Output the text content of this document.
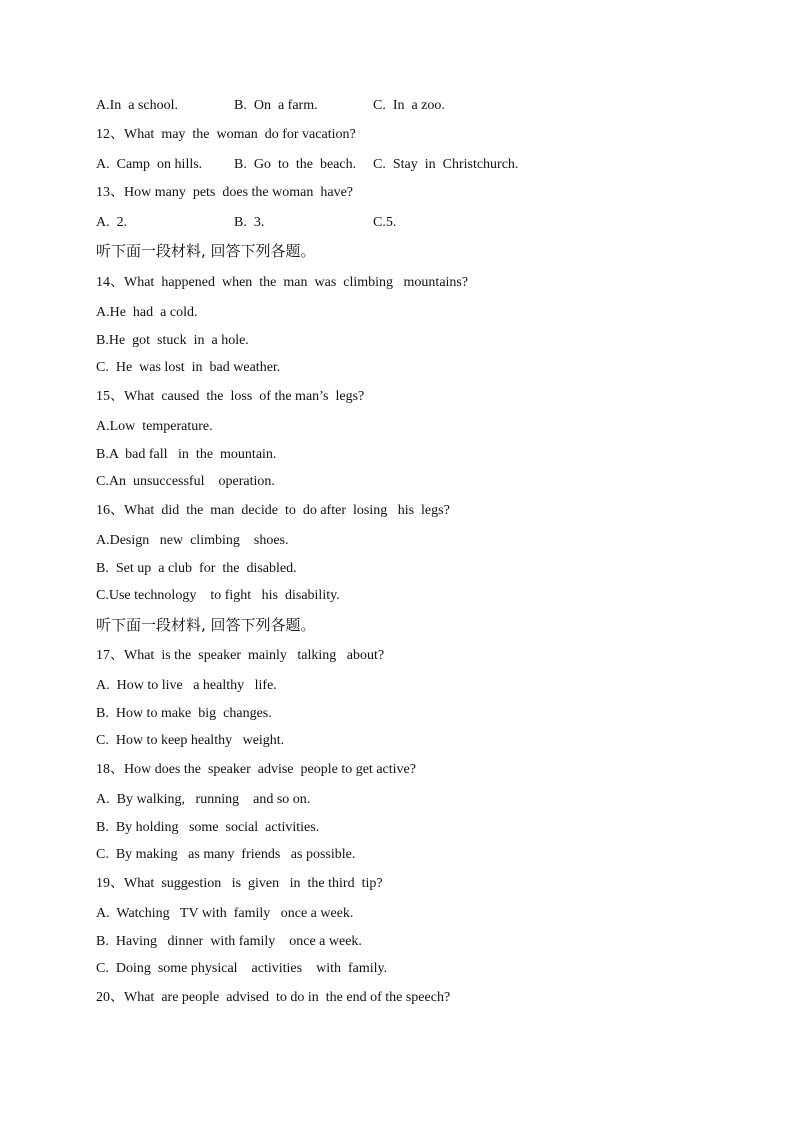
A.In  a school.	B.  On  a farm.	C.  In  a zoo.
12、What  may  the  woman  do for vacation?
A.  Camp  on hills. B.  Go  to  the  beach. C.  Stay  in  Christchurch.
13、How many  pets  does the woman  have?
A.  2.	B.  3.	C.5.
听下面一段材料, 回答下列各题。
14、What  happened  when  the  man  was  climbing   mountains?
A.He  had  a cold.
B.He  got  stuck  in  a hole.
C.  He  was lost  in  bad weather.
15、What  caused  the  loss  of the man’s  legs?
A.Low  temperature.
B.A  bad fall   in  the  mountain.
C.An  unsuccessful    operation.
16、What  did  the  man  decide  to  do after  losing   his  legs?
A.Design   new  climbing    shoes.
B.  Set up  a club  for  the  disabled.
C.Use technology    to fight   his  disability.
听下面一段材料, 回答下列各题。
17、What  is the  speaker  mainly   talking   about?
A.  How to live   a healthy   life.
B.  How to make  big  changes.
C.  How to keep healthy   weight.
18、How does the  speaker  advise  people to get active?
A.  By walking,   running    and so on.
B.  By holding   some  social  activities.
C.  By making   as many  friends   as possible.
19、What  suggestion   is  given   in  the third  tip?
A.  Watching   TV with  family   once a week.
B.  Having   dinner  with family    once a week.
C.  Doing  some physical    activities    with  family.
20、What  are people  advised  to do in  the end of the speech?
